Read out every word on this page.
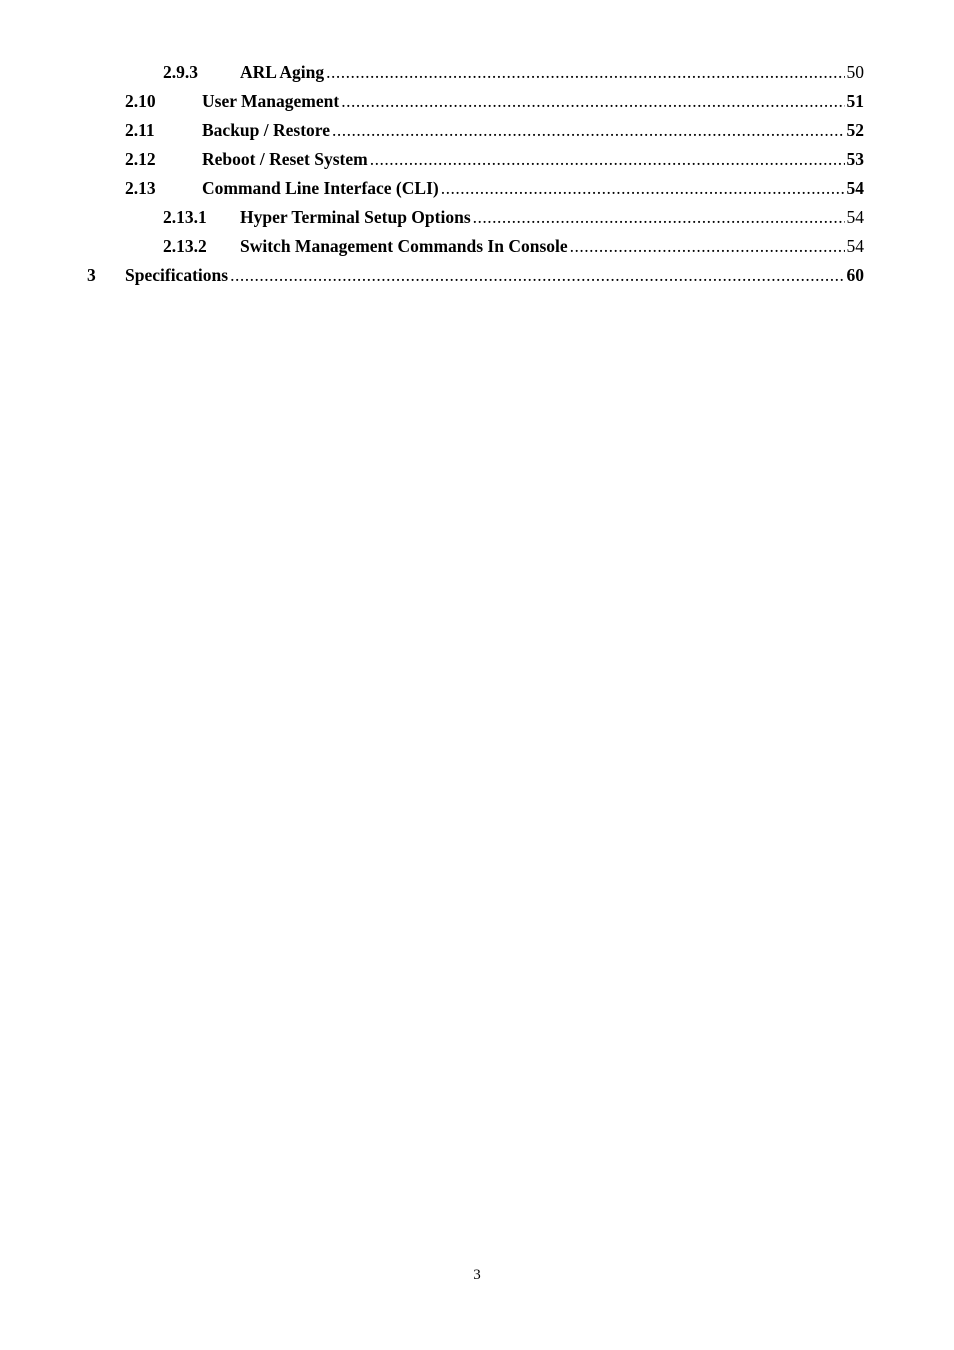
2.9.3 ARL Aging .....	50
2.10	User Management .....	51
2.11	Backup / Restore .....	52
2.12	Reboot / Reset System .....	53
2.13	Command Line Interface (CLI) .....	54
2.13.1 Hyper Terminal Setup Options .....	54
2.13.2 Switch Management Commands In Console .....	54
3 Specifications .....	60
3
